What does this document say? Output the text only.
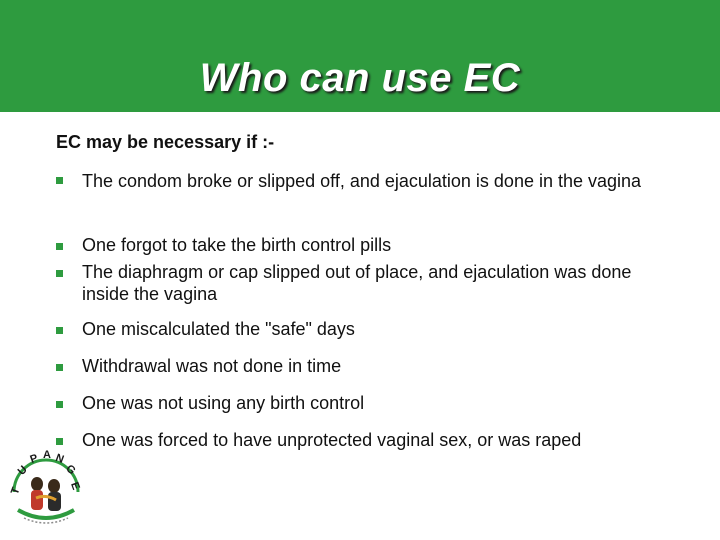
Who can use EC
EC may be necessary if :-
The condom broke or slipped off, and ejaculation is done in the vagina
One forgot to take the birth control pills
The diaphragm or cap slipped out of place, and ejaculation was done inside the vagina
One miscalculated the "safe" days
Withdrawal was not done in time
One was not using any birth control
One was forced to have unprotected vaginal sex, or was raped
T
U
P A N
G
E
